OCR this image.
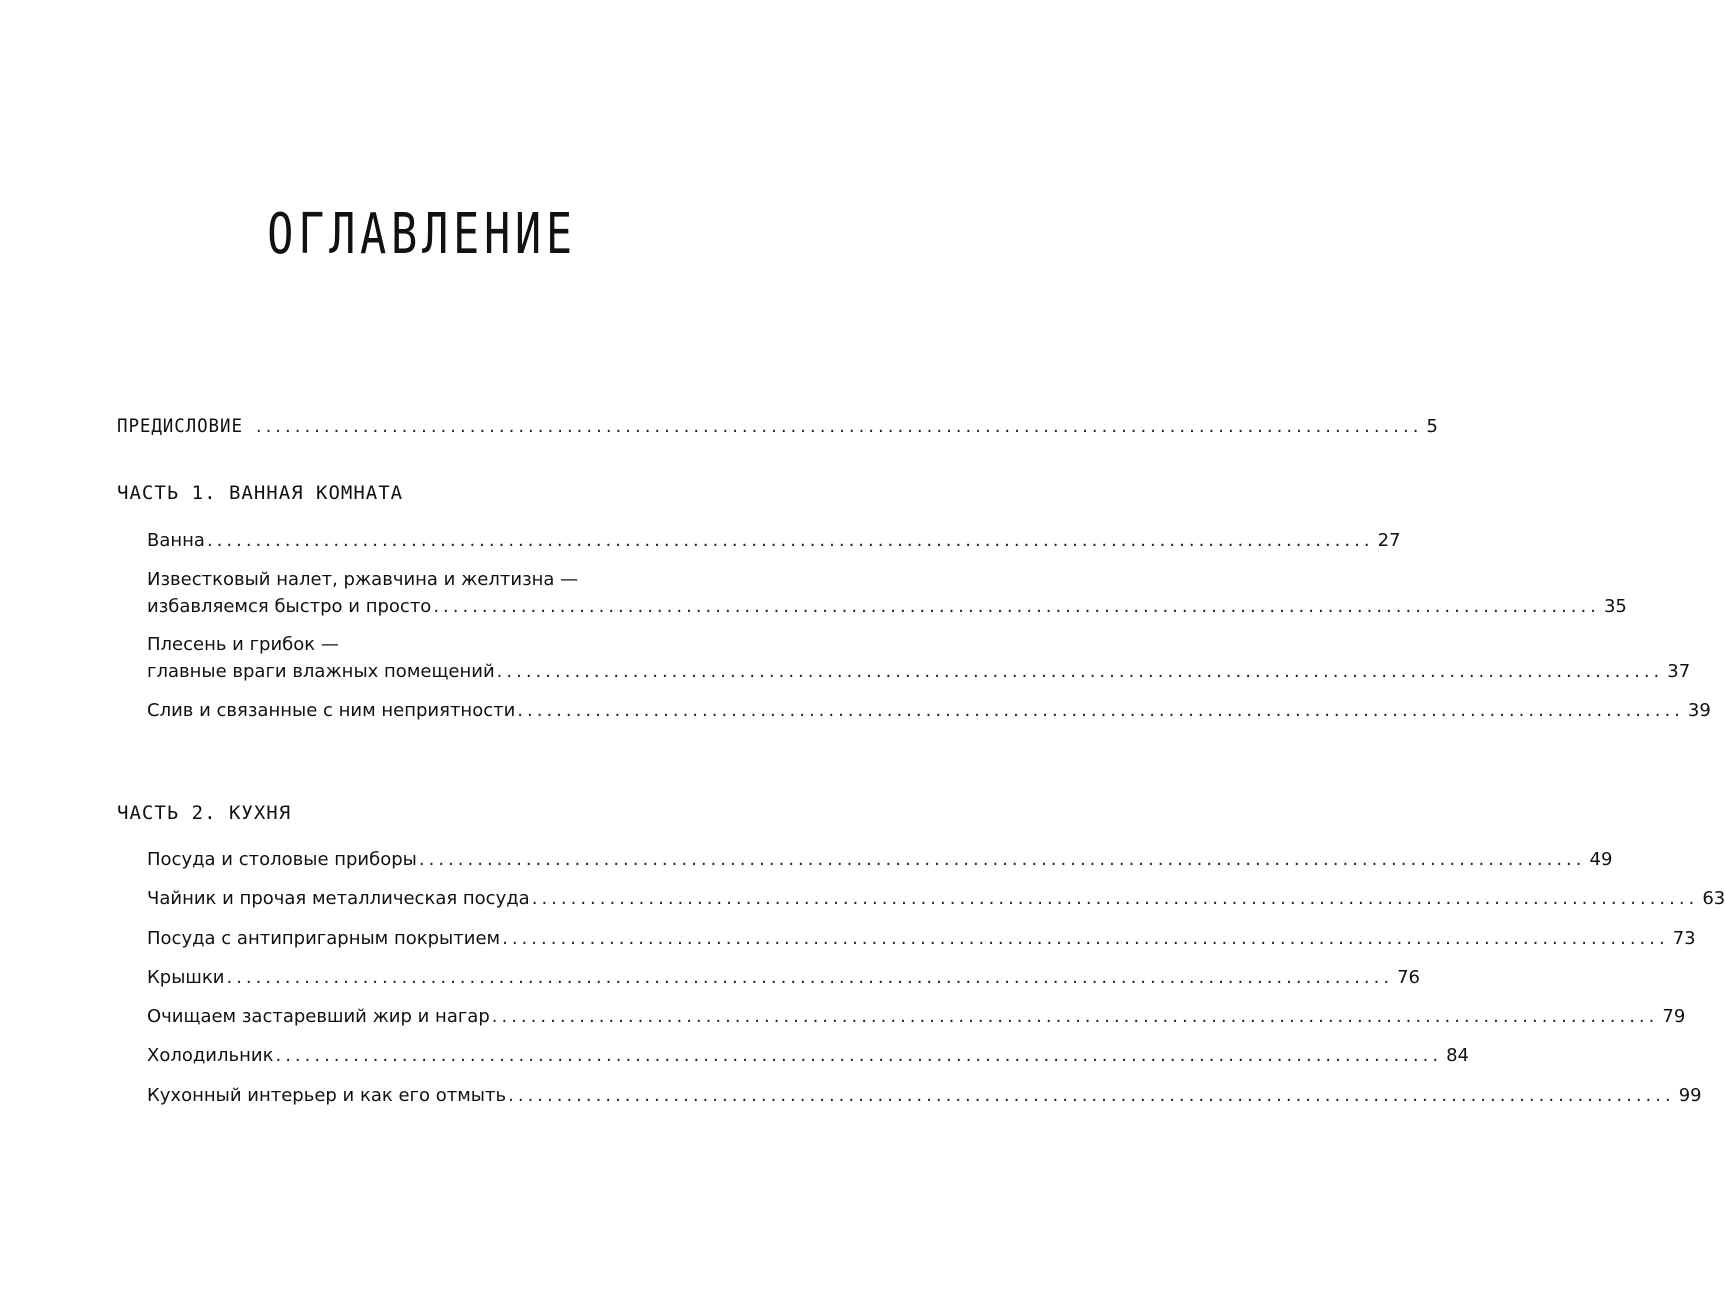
ОГЛАВЛЕНИЕ
ПРЕДИСЛОВИЕ ........................................................................................................................ 5
ЧАСТЬ 1. ВАННАЯ КОМНАТА
Ванна ........................................................................................................................ 27
Известковый налет, ржавчина и желтизна —
избавляемся быстро и просто ........................................................................................................................ 35
Плесень и грибок —
главные враги влажных помещений ........................................................................................................................ 37
Слив и связанные с ним неприятности ........................................................................................................................ 39
ЧАСТЬ 2. КУХНЯ
Посуда и столовые приборы ........................................................................................................................ 49
Чайник и прочая металлическая посуда ........................................................................................................................ 63
Посуда с антипригарным покрытием ........................................................................................................................ 73
Крышки ........................................................................................................................ 76
Очищаем застаревший жир и нагар ........................................................................................................................ 79
Холодильник ........................................................................................................................ 84
Кухонный интерьер и как его отмыть ........................................................................................................................ 99
